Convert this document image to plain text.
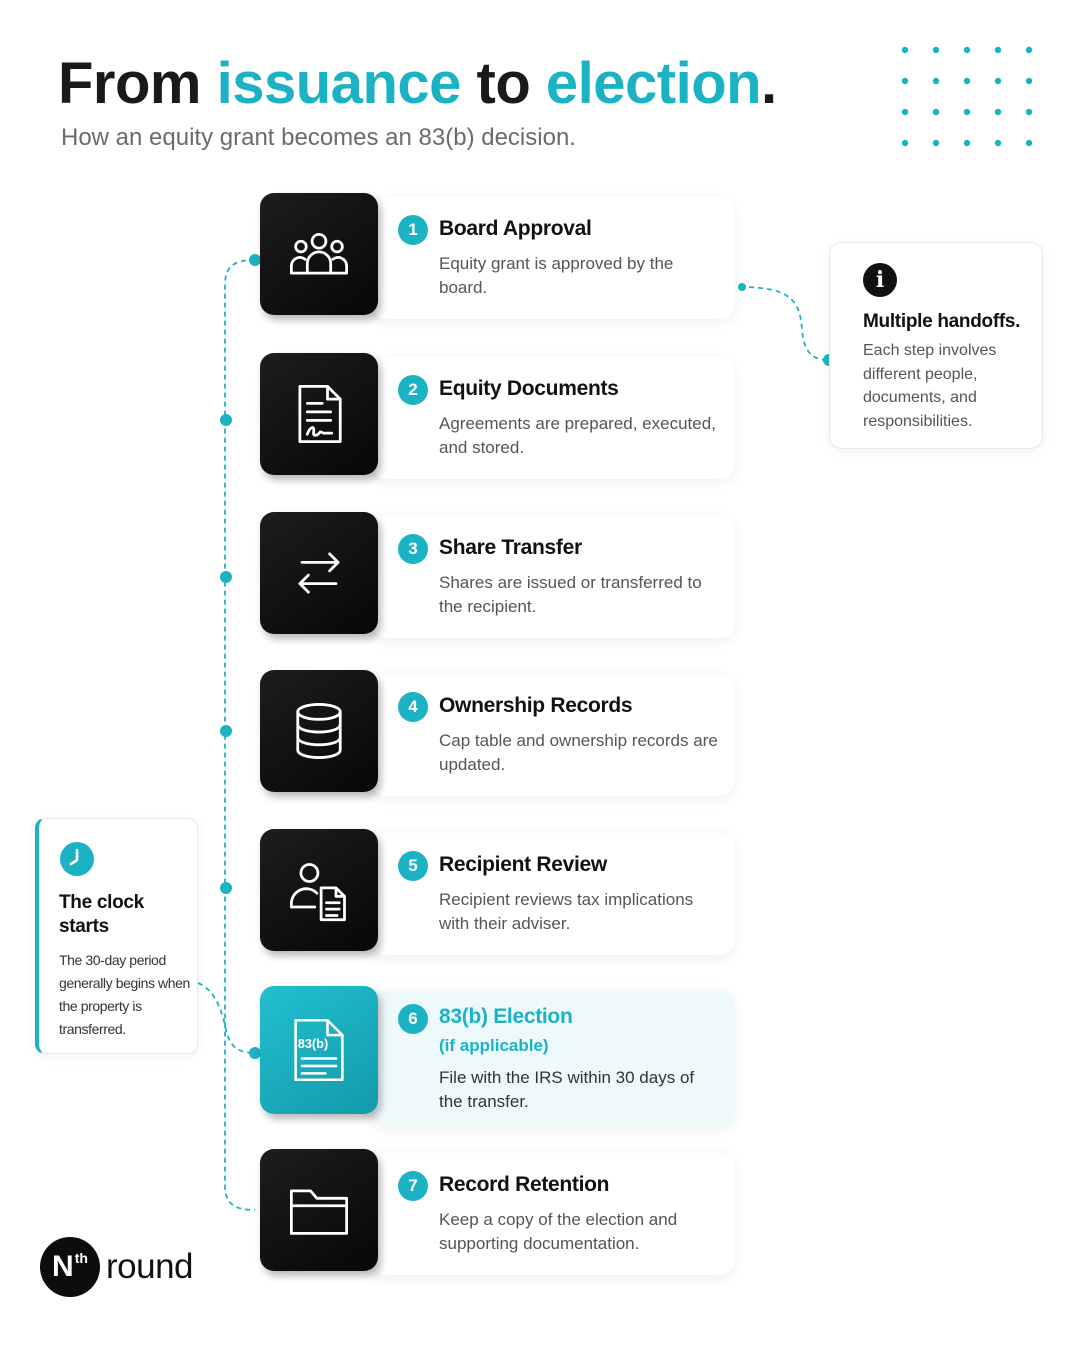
From issuance to election.
How an equity grant becomes an 83(b) decision.
1	Board Approval
Equity grant is approved by the board.
2	Equity Documents
Agreements are prepared, executed, and stored.
3	Share Transfer
Shares are issued or transferred to the recipient.
4	Ownership Records
Cap table and ownership records are updated.
5	Recipient Review
Recipient reviews tax implications with their adviser.
83(b)
6	83(b) Election
(if applicable)
File with the IRS within 30 days of the transfer.
7	Record Retention
Keep a copy of the election and supporting documentation.
i
Multiple handoffs.
Each step involves different people, documents, and responsibilities.
The clock starts
The 30-day period generally begins when the property is transferred.
N th round
